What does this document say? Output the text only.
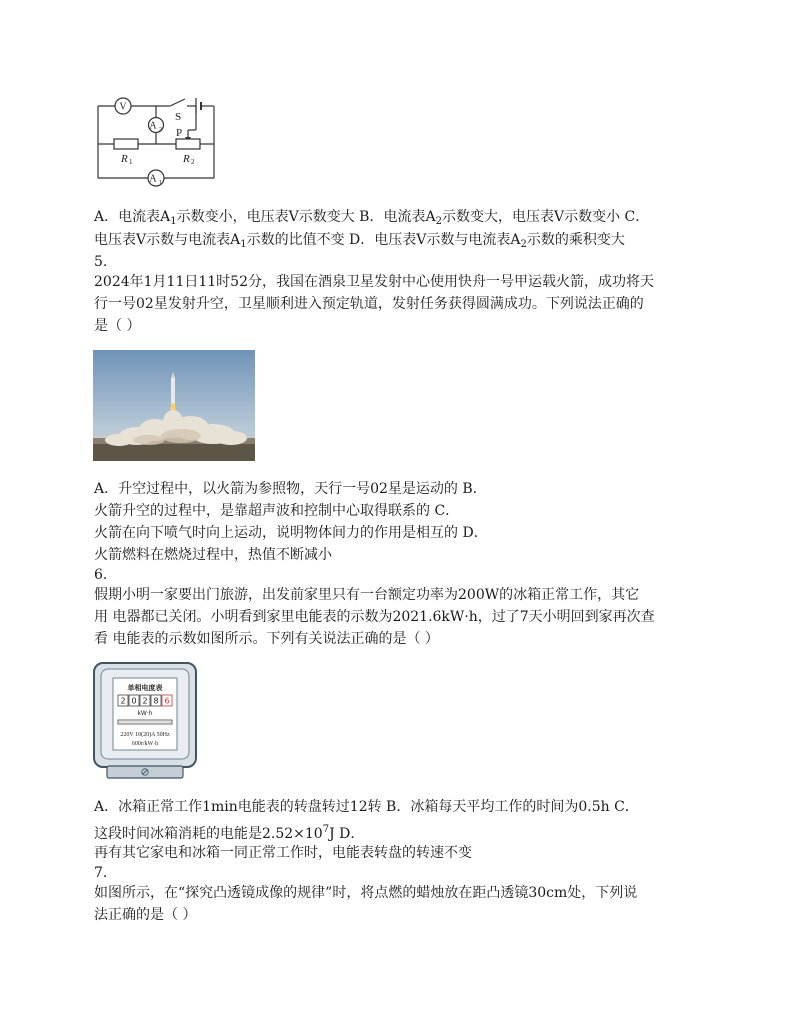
V
A 2
A 1
S
P
R 1	R 2
A．电流表$A_1$示数变小，电压表V示数变大 B．电流表$A_2$示数变大，电压表V示数变小 C．
电压表V示数与电流表$A_1$示数的比值不变 D．电压表V示数与电流表$A_2$示数的乘积变大
5.
2024年1月11日11时52分，我国在酒泉卫星发射中心使用快舟一号甲运载火箭，成功将天
行一号02星发射升空，卫星顺利进入预定轨道，发射任务获得圆满成功。下列说法正确的
是（ ）
A．升空过程中，以火箭为参照物，天行一号02星是运动的 B．
火箭升空的过程中，是靠超声波和控制中心取得联系的 C．
火箭在向下喷气时向上运动，说明物体间力的作用是相互的 D．
火箭燃料在燃烧过程中，热值不断减小
6.
假期小明一家要出门旅游，出发前家里只有一台额定功率为200W的冰箱正常工作，其它
用 电器都已关闭。小明看到家里电能表的示数为2021.6kW·h，过了7天小明回到家再次查
看 电能表的示数如图所示。下列有关说法正确的是（ ）
单相电度表
2 0 2 8 6
kW·h
220V 10(20)A 50Hz
600r/kW·h
A．冰箱正常工作1min电能表的转盘转过12转 B．冰箱每天平均工作的时间为0.5h C．
这段时间冰箱消耗的电能是$2.52\times 10^7J$ D．
再有其它家电和冰箱一同正常工作时，电能表转盘的转速不变
7.
如图所示，在“探究凸透镜成像的规律”时，将点燃的蜡烛放在距凸透镜30cm处，下列说
法正确的是（ ）
